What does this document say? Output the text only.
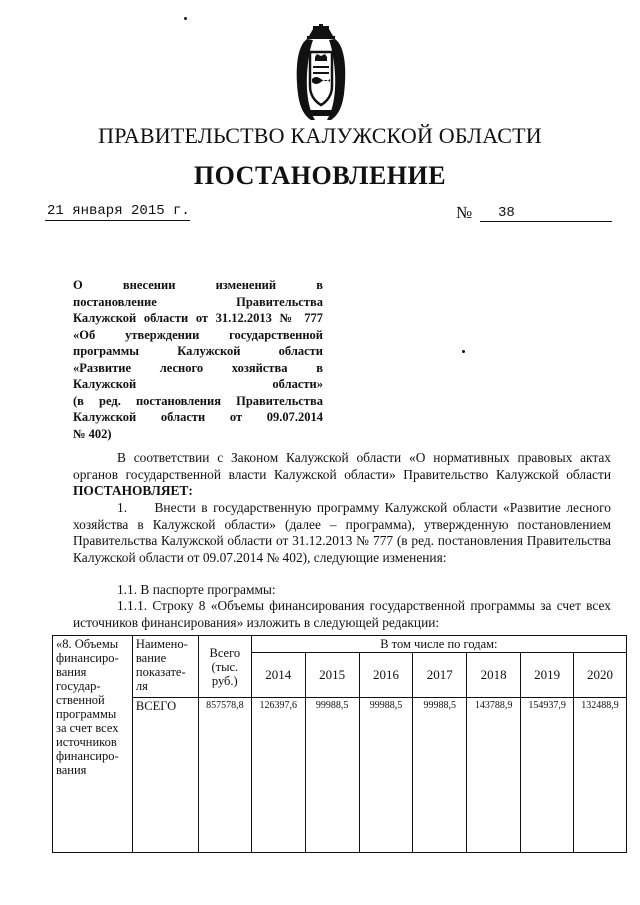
ПРАВИТЕЛЬСТВО КАЛУЖСКОЙ ОБЛАСТИ
ПОСТАНОВЛЕНИЕ
21 января 2015 г.	№ 38
О внесении изменений в
постановление Правительства
Калужской области от 31.12.2013 № 777
«Об утверждении государственной
программы Калужской области
«Развитие лесного хозяйства в
Калужской области»
(в ред. постановления Правительства
Калужской области от 09.07.2014
№ 402)
В соответствии с Законом Калужской области «О нормативных правовых актах органов государственной власти Калужской области» Правительство Калужской области ПОСТАНОВЛЯЕТ:
1. Внести в государственную программу Калужской области «Развитие лесного хозяйства в Калужской области» (далее – программа), утвержденную постановлением Правительства Калужской области от 31.12.2013 № 777 (в ред. постановления Правительства Калужской области от 09.07.2014 № 402), следующие изменения:
1.1. В паспорте программы:
1.1.1. Строку 8 «Объемы финансирования государственной программы за счет всех источников финансирования» изложить в следующей редакции:
«8. Объемы финансиро- вания государ- ственной программы за счет всех источников финансиро- вания	Наимено- вание показате- ля	Всего (тыс. руб.)	В том числе по годам:						
			2014	2015	2016	2017	2018	2019	2020
	ВСЕГО	857578,8	126397,6	99988,5	99988,5	99988,5	143788,9	154937,9	132488,9
